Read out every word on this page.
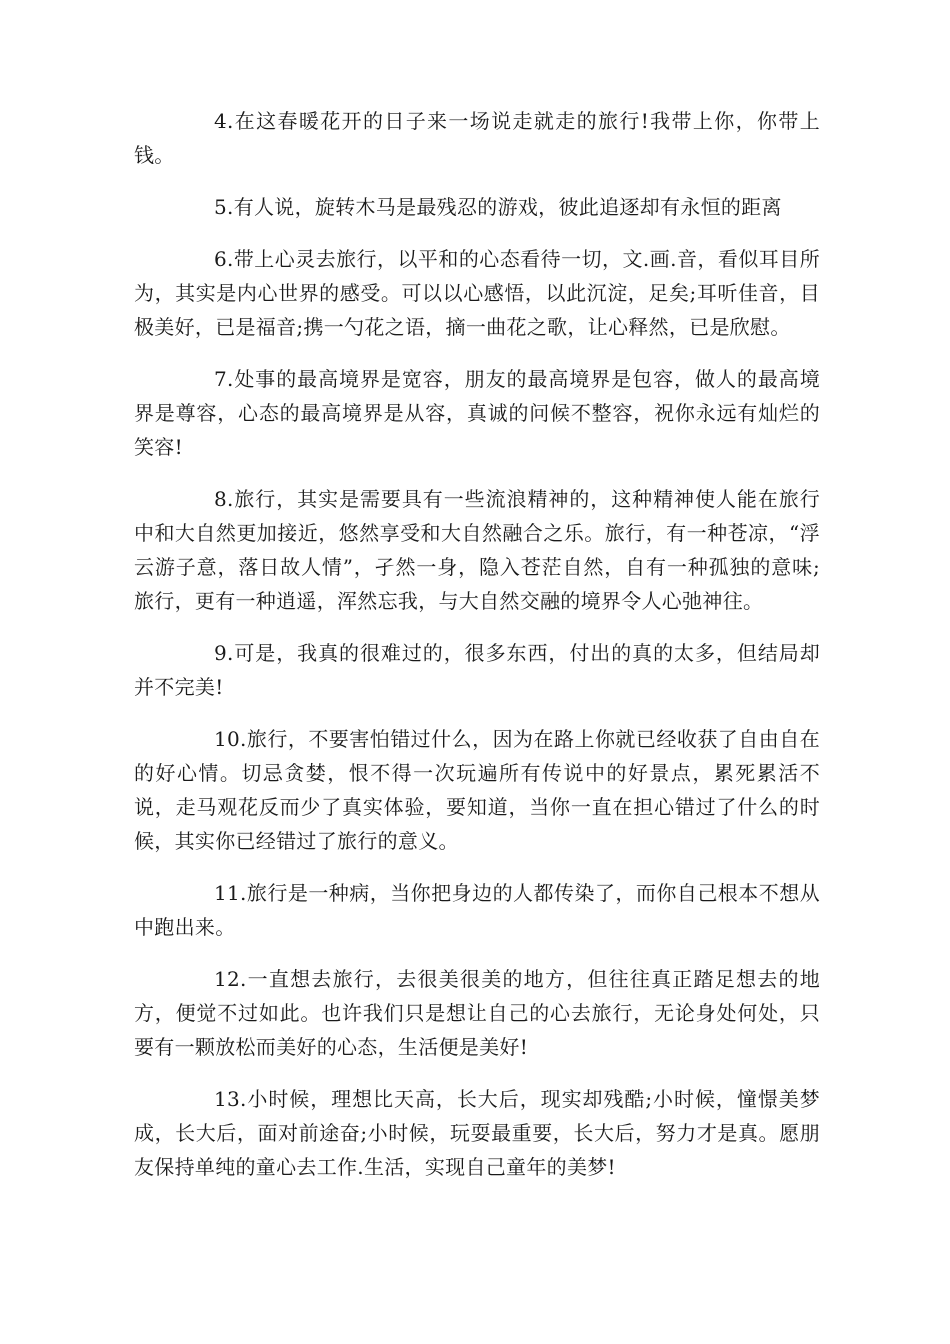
4.在这春暖花开的日子来一场说走就走的旅行!我带上你，你带上钱。

5.有人说，旋转木马是最残忍的游戏，彼此追逐却有永恒的距离

6.带上心灵去旅行，以平和的心态看待一切，文.画.音，看似耳目所为，其实是内心世界的感受。可以以心感悟，以此沉淀，足矣;耳听佳音，目极美好，已是福音;携一勺花之语，摘一曲花之歌，让心释然，已是欣慰。

7.处事的最高境界是宽容，朋友的最高境界是包容，做人的最高境界是尊容，心态的最高境界是从容，真诚的问候不整容，祝你永远有灿烂的笑容!

8.旅行，其实是需要具有一些流浪精神的，这种精神使人能在旅行中和大自然更加接近，悠然享受和大自然融合之乐。旅行，有一种苍凉，“浮云游子意，落日故人情”，孑然一身，隐入苍茫自然，自有一种孤独的意味;旅行，更有一种逍遥，浑然忘我，与大自然交融的境界令人心弛神往。

9.可是，我真的很难过的，很多东西，付出的真的太多，但结局却并不完美!

10.旅行，不要害怕错过什么，因为在路上你就已经收获了自由自在的好心情。切忌贪婪，恨不得一次玩遍所有传说中的好景点，累死累活不说，走马观花反而少了真实体验，要知道，当你一直在担心错过了什么的时候，其实你已经错过了旅行的意义。

11.旅行是一种病，当你把身边的人都传染了，而你自己根本不想从中跑出来。

12.一直想去旅行，去很美很美的地方，但往往真正踏足想去的地方，便觉不过如此。也许我们只是想让自己的心去旅行，无论身处何处，只要有一颗放松而美好的心态，生活便是美好!

13.小时候，理想比天高，长大后，现实却残酷;小时候，憧憬美梦成，长大后，面对前途奋;小时候，玩耍最重要，长大后，努力才是真。愿朋友保持单纯的童心去工作.生活，实现自己童年的美梦!
